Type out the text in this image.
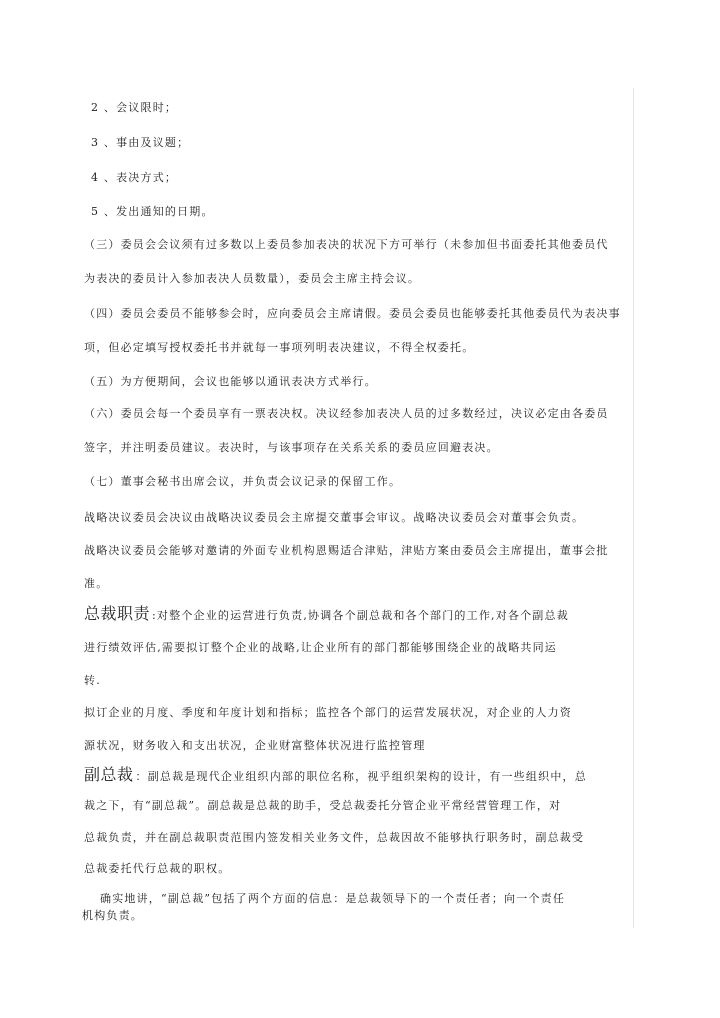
2 、会议限时；
3 、事由及议题；
4 、表决方式；
5 、发出通知的日期。
（三）委员会会议须有过多数以上委员参加表决的状况下方可举行（未参加但书面委托其他委员代
为表决的委员计入参加表决人员数量），委员会主席主持会议。
（四）委员会委员不能够参会时，应向委员会主席请假。委员会委员也能够委托其他委员代为表决事
项，但必定填写授权委托书并就每一事项列明表决建议，不得全权委托。
（五）为方便期间，会议也能够以通讯表决方式举行。
（六）委员会每一个委员享有一票表决权。决议经参加表决人员的过多数经过，决议必定由各委员
签字，并注明委员建议。表决时，与该事项存在关系关系的委员应回避表决。
（七）董事会秘书出席会议，并负责会议记录的保留工作。
战略决议委员会决议由战略决议委员会主席提交董事会审议。战略决议委员会对董事会负责。
战略决议委员会能够对邀请的外面专业机构恩赐适合津贴，津贴方案由委员会主席提出，董事会批
准。
总裁职责 :对整个企业的运营进行负责,协调各个副总裁和各个部门的工作,对各个副总裁
进行绩效评估,需要拟订整个企业的战略,让企业所有的部门都能够围绕企业的战略共同运
转.
拟订企业的月度、季度和年度计划和指标；监控各个部门的运营发展状况，对企业的人力资
源状况，财务收入和支出状况，企业财富整体状况进行监控管理
副总裁 ：副总裁是现代企业组织内部的职位名称，视乎组织架构的设计，有一些组织中，总
裁之下，有“副总裁”。副总裁是总裁的助手，受总裁委托分管企业平常经营管理工作，对
总裁负责，并在副总裁职责范围内签发相关业务文件，总裁因故不能够执行职务时，副总裁受
总裁委托代行总裁的职权。
确实地讲，“副总裁”包括了两个方面的信息：是总裁领导下的一个责任者；向一个责任
机构负责。
